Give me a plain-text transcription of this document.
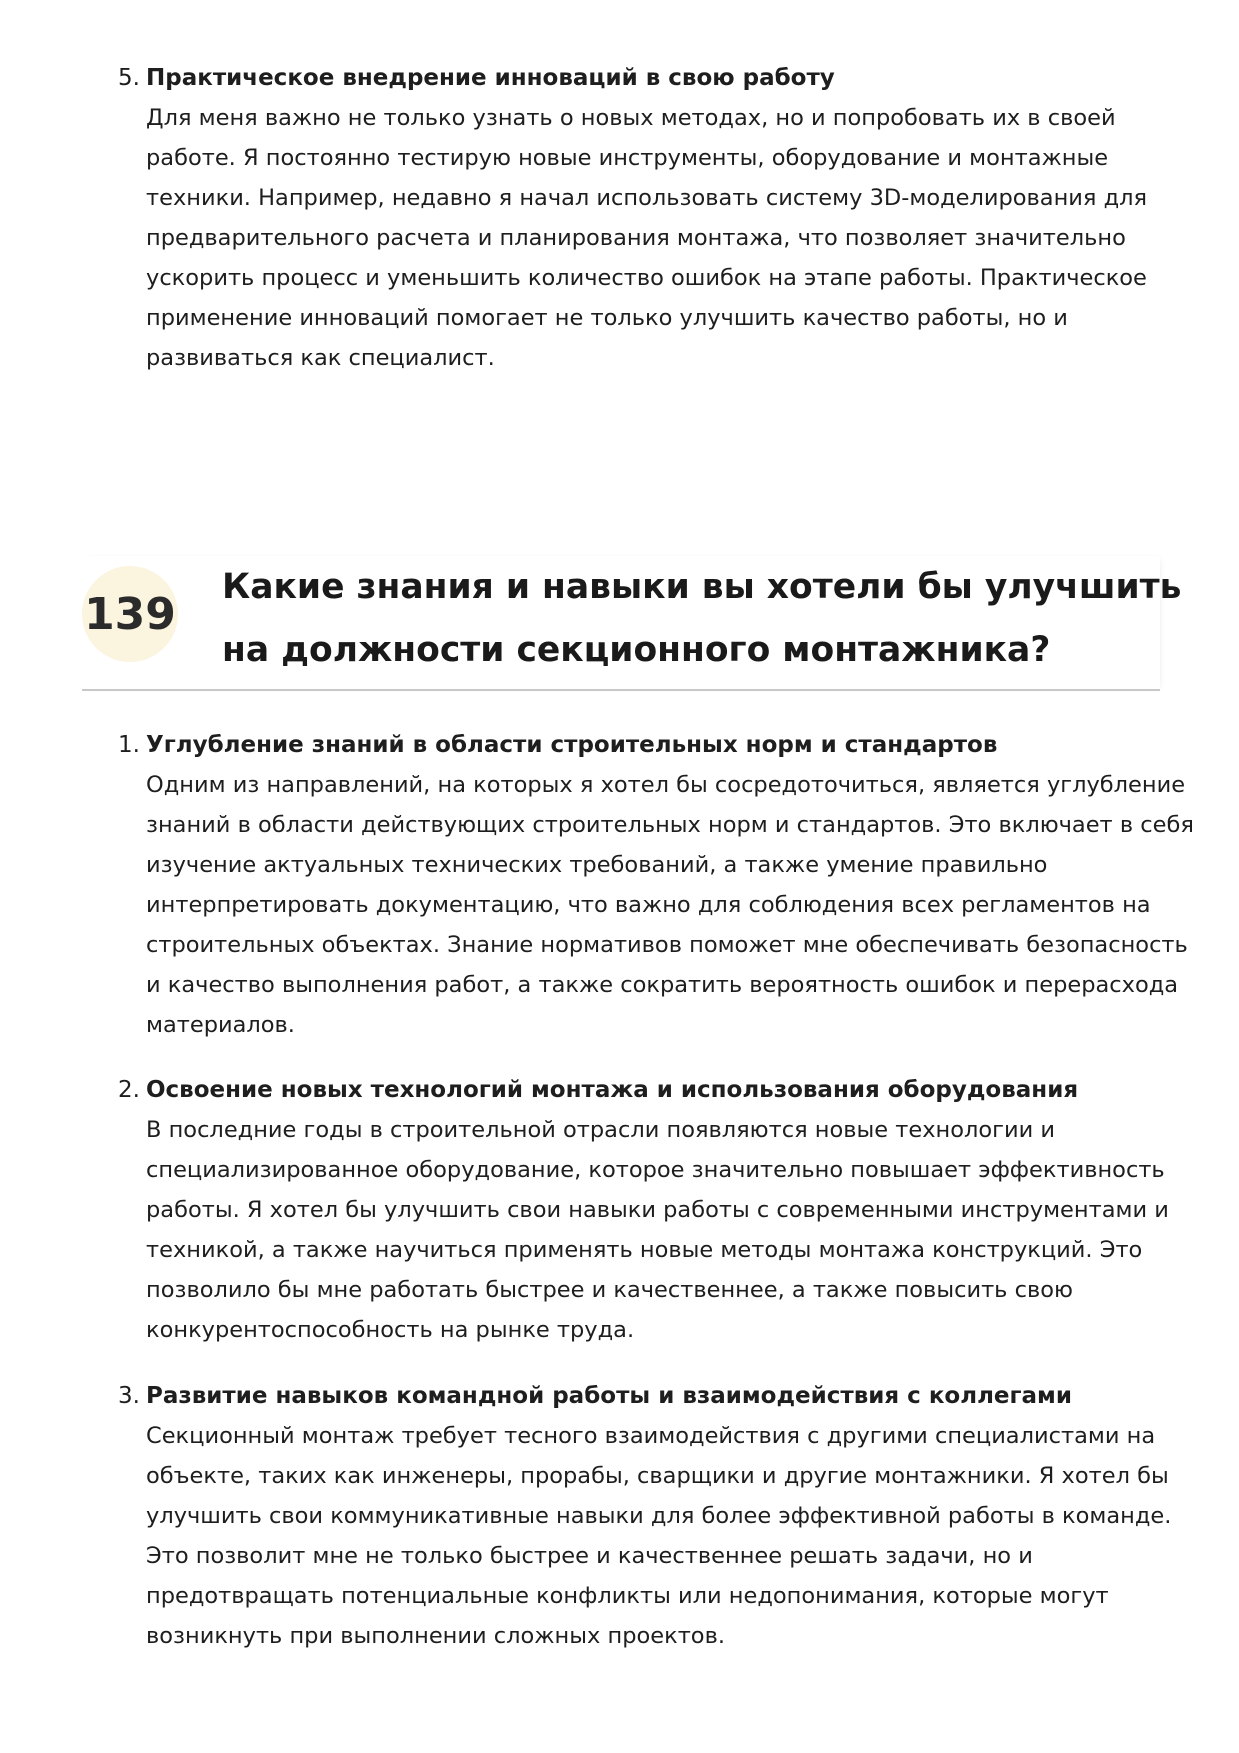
5. Практическое внедрение инноваций в свою работу
Для меня важно не только узнать о новых методах, но и попробовать их в своей
работе. Я постоянно тестирую новые инструменты, оборудование и монтажные
техники. Например, недавно я начал использовать систему 3D-моделирования для
предварительного расчета и планирования монтажа, что позволяет значительно
ускорить процесс и уменьшить количество ошибок на этапе работы. Практическое
применение инноваций помогает не только улучшить качество работы, но и
развиваться как специалист.
139
Какие знания и навыки вы хотели бы улучшить
на должности секционного монтажника?
1. Углубление знаний в области строительных норм и стандартов
Одним из направлений, на которых я хотел бы сосредоточиться, является углубление
знаний в области действующих строительных норм и стандартов. Это включает в себя
изучение актуальных технических требований, а также умение правильно
интерпретировать документацию, что важно для соблюдения всех регламентов на
строительных объектах. Знание нормативов поможет мне обеспечивать безопасность
и качество выполнения работ, а также сократить вероятность ошибок и перерасхода
материалов.
2. Освоение новых технологий монтажа и использования оборудования
В последние годы в строительной отрасли появляются новые технологии и
специализированное оборудование, которое значительно повышает эффективность
работы. Я хотел бы улучшить свои навыки работы с современными инструментами и
техникой, а также научиться применять новые методы монтажа конструкций. Это
позволило бы мне работать быстрее и качественнее, а также повысить свою
конкурентоспособность на рынке труда.
3. Развитие навыков командной работы и взаимодействия с коллегами
Секционный монтаж требует тесного взаимодействия с другими специалистами на
объекте, таких как инженеры, прорабы, сварщики и другие монтажники. Я хотел бы
улучшить свои коммуникативные навыки для более эффективной работы в команде.
Это позволит мне не только быстрее и качественнее решать задачи, но и
предотвращать потенциальные конфликты или недопонимания, которые могут
возникнуть при выполнении сложных проектов.
